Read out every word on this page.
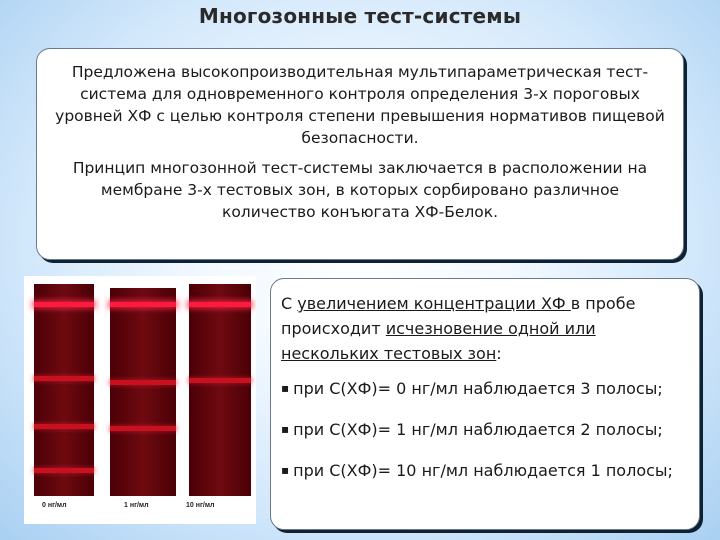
Многозонные тест-системы

Предложена высокопроизводительная мультипараметрическая тест-система для одновременного контроля определения 3-х пороговых уровней ХФ с целью контроля степени превышения нормативов пищевой безопасности.

Принцип многозонной тест-системы заключается в расположении на мембране 3-х тестовых зон, в которых сорбировано различное количество конъюгата ХФ-Белок.

0 нг/мл	1 нг/мл	10 нг/мл

С увеличением концентрации ХФ в пробе происходит исчезновение одной или нескольких тестовых зон:

▪ при С(ХФ)= 0 нг/мл наблюдается 3 полосы;
▪ при С(ХФ)= 1 нг/мл наблюдается 2 полосы;
▪ при С(ХФ)= 10 нг/мл наблюдается 1 полосы;
